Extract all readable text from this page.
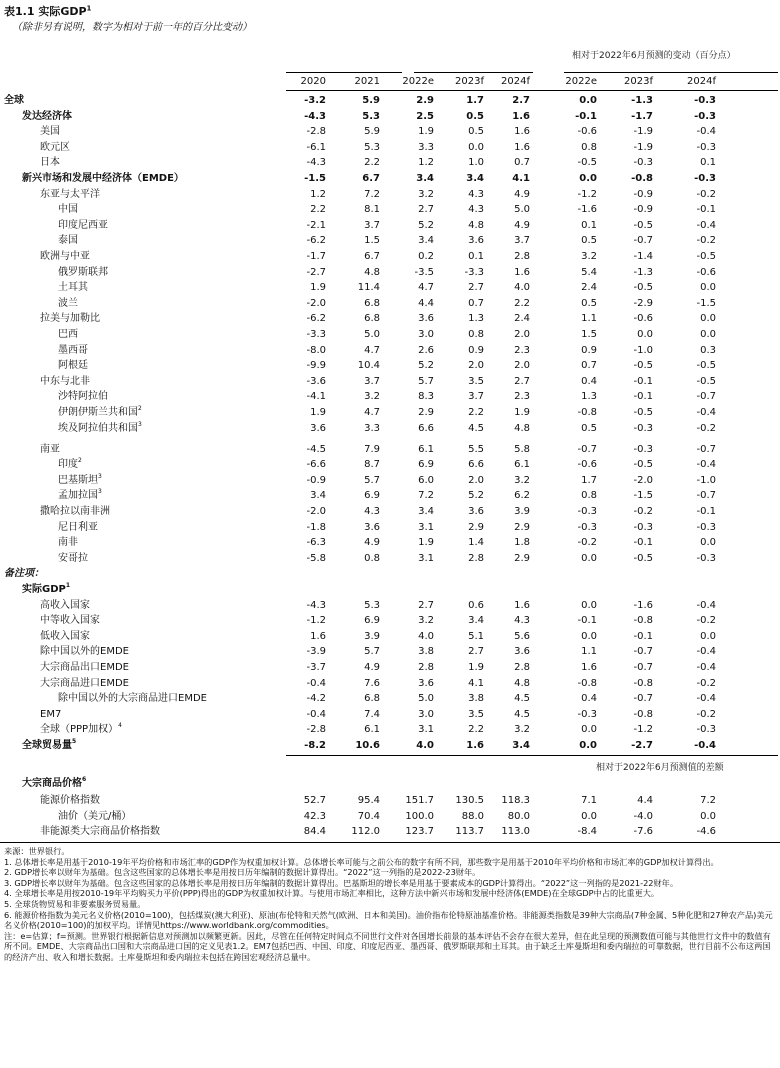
表1.1 实际GDP$^1$
（除非另有说明，数字为相对于前一年的百分比变动）
相对于2022年6月预测的变动（百分点）
2020	2021	2022e	2023f	2024f	2022e	2023f	2024f
全球	-3.2	5.9	2.9	1.7	2.7	0.0	-1.3	-0.3
发达经济体	-4.3	5.3	2.5	0.5	1.6	-0.1	-1.7	-0.3
美国	-2.8	5.9	1.9	0.5	1.6	-0.6	-1.9	-0.4
欧元区	-6.1	5.3	3.3	0.0	1.6	0.8	-1.9	-0.3
日本	-4.3	2.2	1.2	1.0	0.7	-0.5	-0.3	0.1
新兴市场和发展中经济体（EMDE）	-1.5	6.7	3.4	3.4	4.1	0.0	-0.8	-0.3
东亚与太平洋	1.2	7.2	3.2	4.3	4.9	-1.2	-0.9	-0.2
中国	2.2	8.1	2.7	4.3	5.0	-1.6	-0.9	-0.1
印度尼西亚	-2.1	3.7	5.2	4.8	4.9	0.1	-0.5	-0.4
泰国	-6.2	1.5	3.4	3.6	3.7	0.5	-0.7	-0.2
欧洲与中亚	-1.7	6.7	0.2	0.1	2.8	3.2	-1.4	-0.5
俄罗斯联邦	-2.7	4.8	-3.5	-3.3	1.6	5.4	-1.3	-0.6
土耳其	1.9	11.4	4.7	2.7	4.0	2.4	-0.5	0.0
波兰	-2.0	6.8	4.4	0.7	2.2	0.5	-2.9	-1.5
拉美与加勒比	-6.2	6.8	3.6	1.3	2.4	1.1	-0.6	0.0
巴西	-3.3	5.0	3.0	0.8	2.0	1.5	0.0	0.0
墨西哥	-8.0	4.7	2.6	0.9	2.3	0.9	-1.0	0.3
阿根廷	-9.9	10.4	5.2	2.0	2.0	0.7	-0.5	-0.5
中东与北非	-3.6	3.7	5.7	3.5	2.7	0.4	-0.1	-0.5
沙特阿拉伯	-4.1	3.2	8.3	3.7	2.3	1.3	-0.1	-0.7
伊朗伊斯兰共和国$^2$	1.9	4.7	2.9	2.2	1.9	-0.8	-0.5	-0.4
埃及阿拉伯共和国$^3$	3.6	3.3	6.6	4.5	4.8	0.5	-0.3	-0.2
南亚	-4.5	7.9	6.1	5.5	5.8	-0.7	-0.3	-0.7
印度$^2$	-6.6	8.7	6.9	6.6	6.1	-0.6	-0.5	-0.4
巴基斯坦$^3$	-0.9	5.7	6.0	2.0	3.2	1.7	-2.0	-1.0
孟加拉国$^3$	3.4	6.9	7.2	5.2	6.2	0.8	-1.5	-0.7
撒哈拉以南非洲	-2.0	4.3	3.4	3.6	3.9	-0.3	-0.2	-0.1
尼日利亚	-1.8	3.6	3.1	2.9	2.9	-0.3	-0.3	-0.3
南非	-6.3	4.9	1.9	1.4	1.8	-0.2	-0.1	0.0
安哥拉	-5.8	0.8	3.1	2.8	2.9	0.0	-0.5	-0.3
备注项：
实际GDP$^1$
高收入国家	-4.3	5.3	2.7	0.6	1.6	0.0	-1.6	-0.4
中等收入国家	-1.2	6.9	3.2	3.4	4.3	-0.1	-0.8	-0.2
低收入国家	1.6	3.9	4.0	5.1	5.6	0.0	-0.1	0.0
除中国以外的EMDE	-3.9	5.7	3.8	2.7	3.6	1.1	-0.7	-0.4
大宗商品出口EMDE	-3.7	4.9	2.8	1.9	2.8	1.6	-0.7	-0.4
大宗商品进口EMDE	-0.4	7.6	3.6	4.1	4.8	-0.8	-0.8	-0.2
除中国以外的大宗商品进口EMDE	-4.2	6.8	5.0	3.8	4.5	0.4	-0.7	-0.4
EM7	-0.4	7.4	3.0	3.5	4.5	-0.3	-0.8	-0.2
全球（PPP加权）$^4$	-2.8	6.1	3.1	2.2	3.2	0.0	-1.2	-0.3
全球贸易量$^5$	-8.2	10.6	4.0	1.6	3.4	0.0	-2.7	-0.4
相对于2022年6月预测值的差额
大宗商品价格$^6$
能源价格指数	52.7	95.4	151.7	130.5	118.3	7.1	4.4	7.2
油价（美元/桶）	42.3	70.4	100.0	88.0	80.0	0.0	-4.0	0.0
非能源类大宗商品价格指数	84.4	112.0	123.7	113.7	113.0	-8.4	-7.6	-4.6

来源：世界银行。

1. 总体增长率是用基于2010-19年平均价格和市场汇率的GDP作为权重加权计算。总体增长率可能与之前公布的数字有所不同，那些数字是用基于2010年平均价格和市场汇率的GDP加权计算得出。

2. GDP增长率以财年为基础。包含这些国家的总体增长率是用按日历年编制的数据计算得出。“2022”这一列指的是2022-23财年。

3. GDP增长率以财年为基础。包含这些国家的总体增长率是用按日历年编制的数据计算得出。巴基斯坦的增长率是用基于要素成本的GDP计算得出。“2022”这一列指的是2021-22财年。

4. 全球增长率是用按2010-19年平均购买力平价(PPP)得出的GDP为权重加权计算。与使用市场汇率相比，这种方法中新兴市场和发展中经济体(EMDE)在全球GDP中占的比重更大。

5. 全球货物贸易和非要素服务贸易量。

6. 能源价格指数为美元名义价格(2010=100)，包括煤炭(澳大利亚)、原油(布伦特和天然气(欧洲、日本和美国)。油价指布伦特原油基准价格。非能源类指数是39种大宗商品(7种金属、5种化肥和27种农产品)美元名义价格(2010=100)的加权平均。详情见https://www.worldbank.org/commodities。

注：e=估算；f=预测。世界银行根据新信息对预测加以频繁更新。因此，尽管在任何特定时间点不同世行文件对各国增长前景的基本评估不会存在很大差异，但在此呈现的预测数值可能与其他世行文件中的数值有所不同。EMDE、大宗商品出口国和大宗商品进口国的定义见表1.2。EM7包括巴西、中国、印度、印度尼西亚、墨西哥、俄罗斯联邦和土耳其。由于缺乏土库曼斯坦和委内瑞拉的可靠数据，世行目前不公布这两国的经济产出、收入和增长数据。土库曼斯坦和委内瑞拉未包括在跨国宏观经济总量中。
